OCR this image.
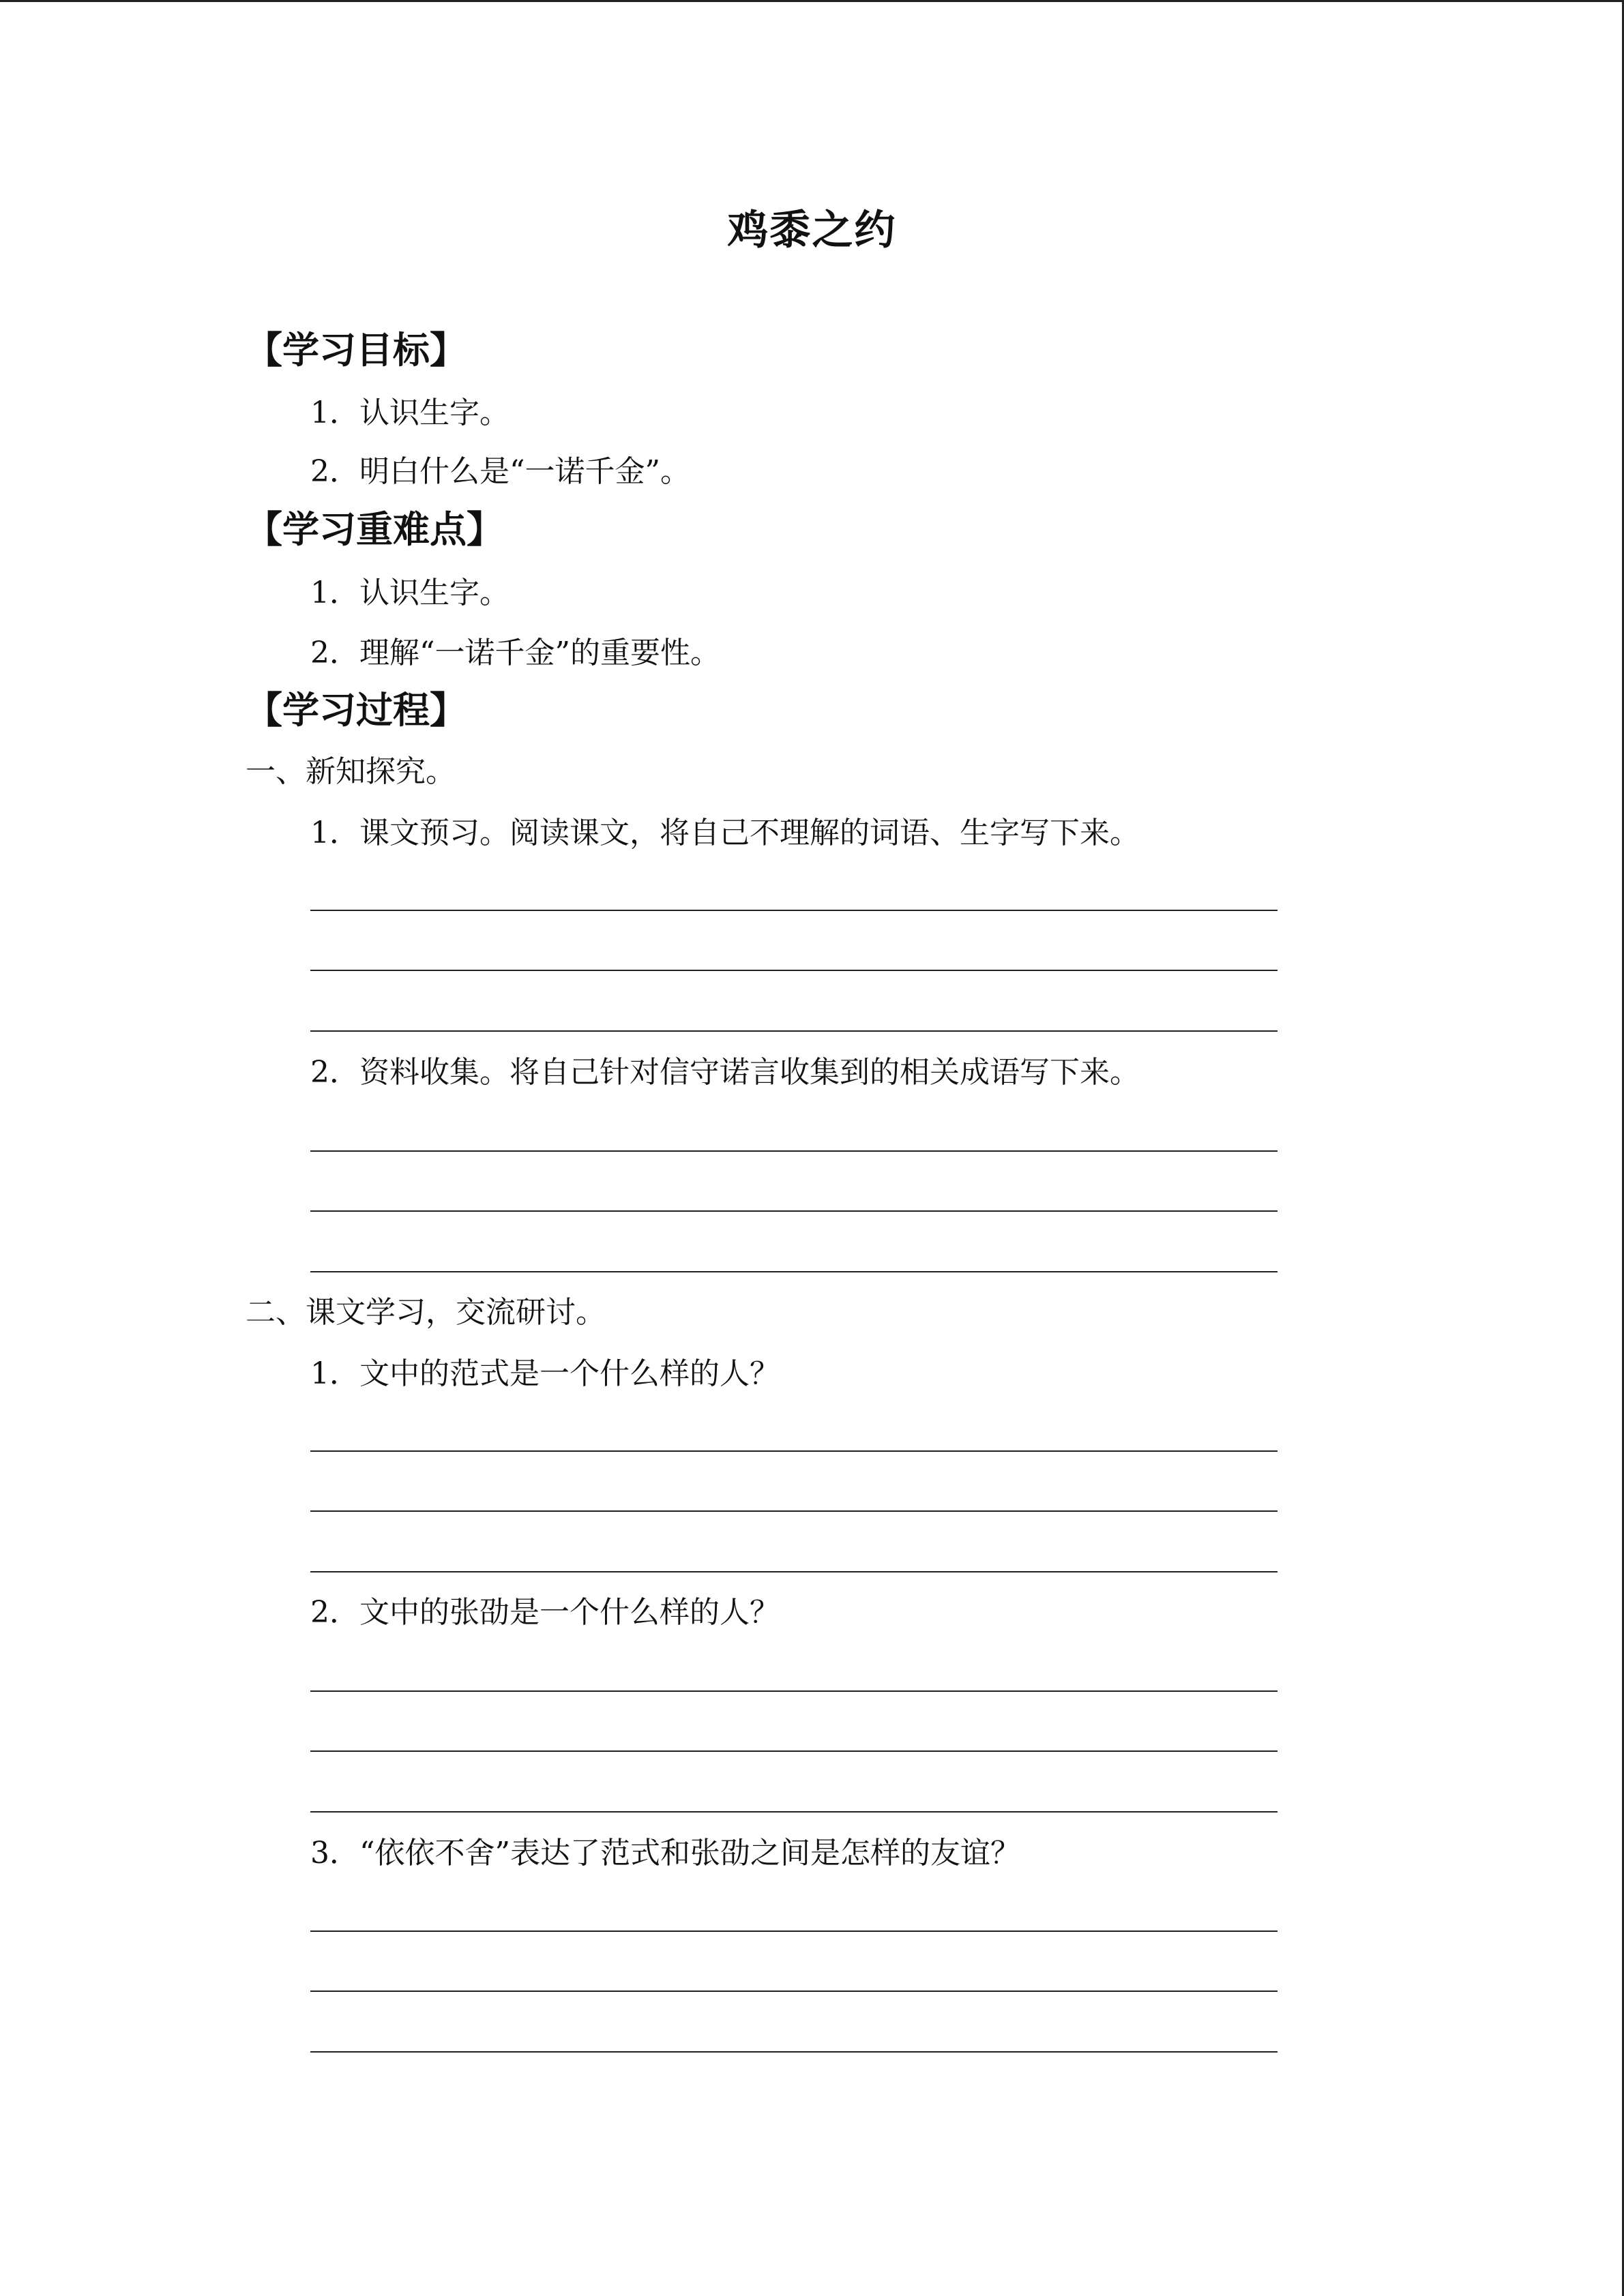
鸡黍之约
【学习目标】
1．认识生字。
2．明白什么是“一诺千金”。
【学习重难点】
1．认识生字。
2．理解“一诺千金”的重要性。
【学习过程】
一、新知探究。
1．课文预习。阅读课文，将自己不理解的词语、生字写下来。
2．资料收集。将自己针对信守诺言收集到的相关成语写下来。
二、课文学习，交流研讨。
1．文中的范式是一个什么样的人？
2．文中的张劭是一个什么样的人？
3．“依依不舍”表达了范式和张劭之间是怎样的友谊？
